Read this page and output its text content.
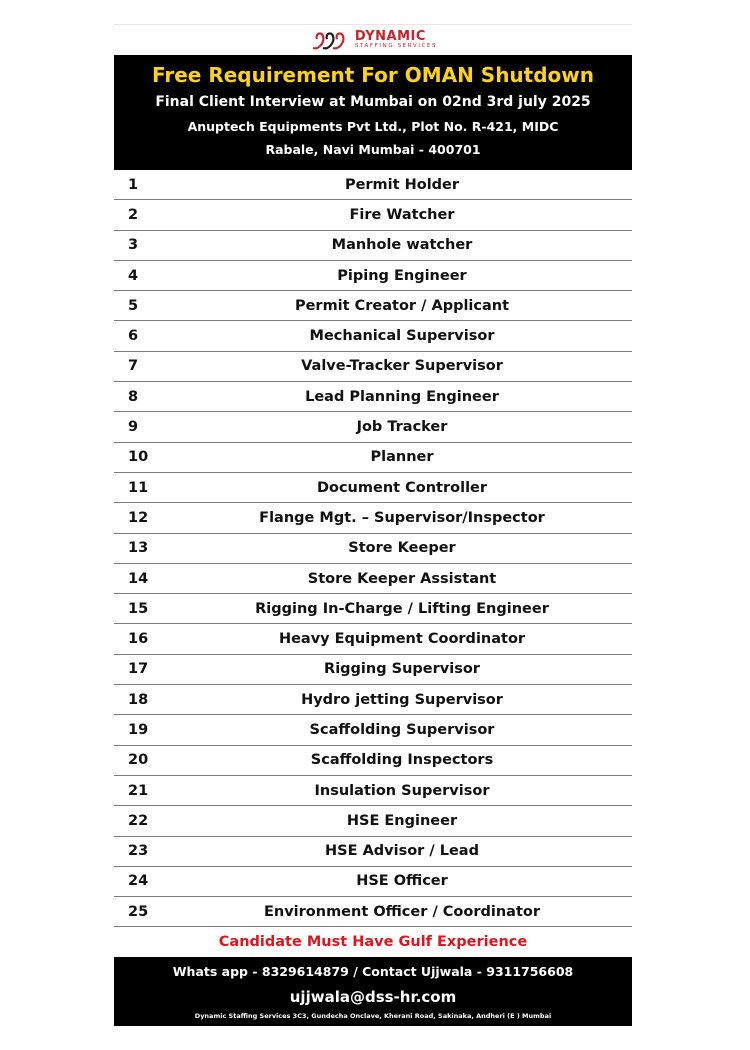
DYNAMIC
STAFFING SERVICES
Free Requirement For OMAN Shutdown
Final Client Interview at Mumbai on 02nd 3rd july 2025
Anuptech Equipments Pvt Ltd., Plot No. R-421, MIDC
Rabale, Navi Mumbai - 400701
1	Permit Holder
2	Fire Watcher
3	Manhole watcher
4	Piping Engineer
5	Permit Creator / Applicant
6	Mechanical Supervisor
7	Valve-Tracker Supervisor
8	Lead Planning Engineer
9	Job Tracker
10	Planner
11	Document Controller
12	Flange Mgt. – Supervisor/Inspector
13	Store Keeper
14	Store Keeper Assistant
15	Rigging In-Charge / Lifting Engineer
16	Heavy Equipment Coordinator
17	Rigging Supervisor
18	Hydro jetting Supervisor
19	Scaffolding Supervisor
20	Scaffolding Inspectors
21	Insulation Supervisor
22	HSE Engineer
23	HSE Advisor / Lead
24	HSE Officer
25	Environment Officer / Coordinator
Candidate Must Have Gulf Experience
Whats app - 8329614879 / Contact Ujjwala - 9311756608
ujjwala@dss-hr.com
Dynamic Staffing Services 3C3, Gundecha Onclave, Kherani Road, Sakinaka, Andheri (E ) Mumbai
